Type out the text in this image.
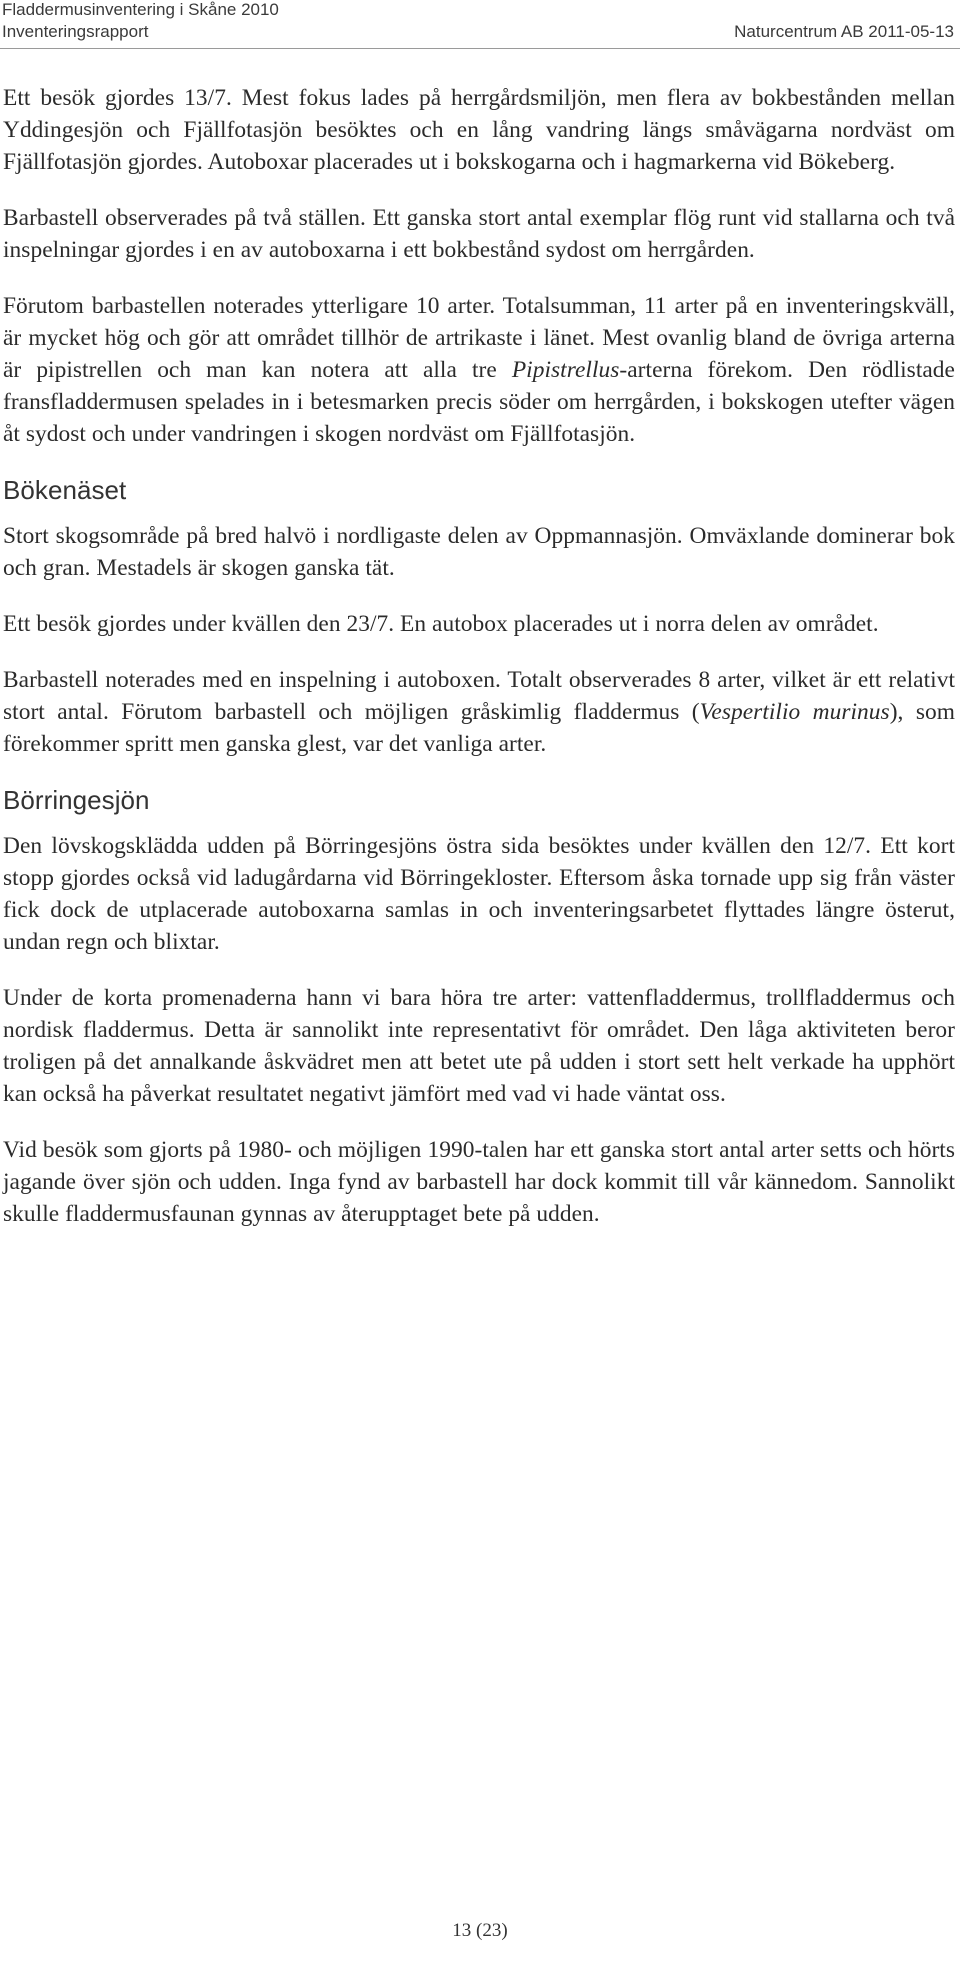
Fladdermusinventering i Skåne 2010
Inventeringsrapport	Naturcentrum AB 2011-05-13

Ett besök gjordes 13/7. Mest fokus lades på herrgårdsmiljön, men flera av bokbestånden mellan Yddingesjön och Fjällfotasjön besöktes och en lång vandring längs småvägarna nordväst om Fjällfotasjön gjordes. Autoboxar placerades ut i bokskogarna och i hagmarkerna vid Bökeberg.

Barbastell observerades på två ställen. Ett ganska stort antal exemplar flög runt vid stallarna och två inspelningar gjordes i en av autoboxarna i ett bokbestånd sydost om herrgården.

Förutom barbastellen noterades ytterligare 10 arter. Totalsumman, 11 arter på en inventeringskväll, är mycket hög och gör att området tillhör de artrikaste i länet. Mest ovanlig bland de övriga arterna är pipistrellen och man kan notera att alla tre Pipistrellus-arterna förekom. Den rödlistade fransfladdermusen spelades in i betesmarken precis söder om herrgården, i bokskogen utefter vägen åt sydost och under vandringen i skogen nordväst om Fjällfotasjön.

Bökenäset

Stort skogsområde på bred halvö i nordligaste delen av Oppmannasjön. Omväxlande dominerar bok och gran. Mestadels är skogen ganska tät.

Ett besök gjordes under kvällen den 23/7. En autobox placerades ut i norra delen av området.

Barbastell noterades med en inspelning i autoboxen. Totalt observerades 8 arter, vilket är ett relativt stort antal. Förutom barbastell och möjligen gråskimlig fladdermus (Vespertilio murinus), som förekommer spritt men ganska glest, var det vanliga arter.

Börringesjön

Den lövskogsklädda udden på Börringesjöns östra sida besöktes under kvällen den 12/7. Ett kort stopp gjordes också vid ladugårdarna vid Börringekloster. Eftersom åska tornade upp sig från väster fick dock de utplacerade autoboxarna samlas in och inventeringsarbetet flyttades längre österut, undan regn och blixtar.

Under de korta promenaderna hann vi bara höra tre arter: vattenfladdermus, trollfladdermus och nordisk fladdermus. Detta är sannolikt inte representativt för området. Den låga aktiviteten beror troligen på det annalkande åskvädret men att betet ute på udden i stort sett helt verkade ha upphört kan också ha påverkat resultatet negativt jämfört med vad vi hade väntat oss.

Vid besök som gjorts på 1980- och möjligen 1990-talen har ett ganska stort antal arter setts och hörts jagande över sjön och udden. Inga fynd av barbastell har dock kommit till vår kännedom. Sannolikt skulle fladdermusfaunan gynnas av återupptaget bete på udden.

13 (23)
